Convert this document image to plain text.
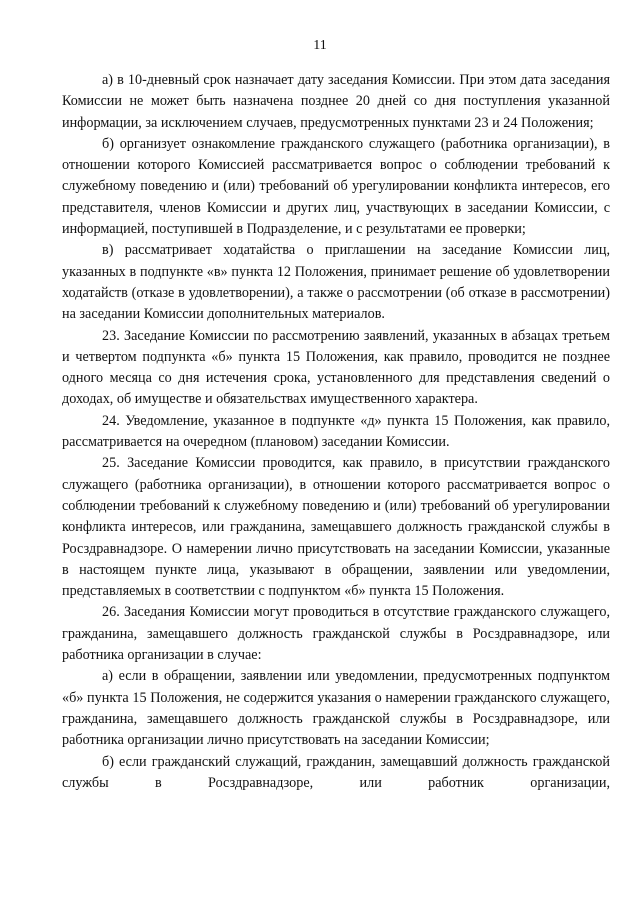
11

а) в 10-дневный срок назначает дату заседания Комиссии. При этом дата заседания Комиссии не может быть назначена позднее 20 дней со дня поступления указанной информации, за исключением случаев, предусмотренных пунктами 23 и 24 Положения;

б) организует ознакомление гражданского служащего (работника организации), в отношении которого Комиссией рассматривается вопрос о соблюдении требований к служебному поведению и (или) требований об урегулировании конфликта интересов, его представителя, членов Комиссии и других лиц, участвующих в заседании Комиссии, с информацией, поступившей в Подразделение, и с результатами ее проверки;

в) рассматривает ходатайства о приглашении на заседание Комиссии лиц, указанных в подпункте «в» пункта 12 Положения, принимает решение об удовлетворении ходатайств (отказе в удовлетворении), а также о рассмотрении (об отказе в рассмотрении) на заседании Комиссии дополнительных материалов.

23. Заседание Комиссии по рассмотрению заявлений, указанных в абзацах третьем и четвертом подпункта «б» пункта 15 Положения, как правило, проводится не позднее одного месяца со дня истечения срока, установленного для представления сведений о доходах, об имуществе и обязательствах имущественного характера.

24. Уведомление, указанное в подпункте «д» пункта 15 Положения, как правило, рассматривается на очередном (плановом) заседании Комиссии.

25. Заседание Комиссии проводится, как правило, в присутствии гражданского служащего (работника организации), в отношении которого рассматривается вопрос о соблюдении требований к служебному поведению и (или) требований об урегулировании конфликта интересов, или гражданина, замещавшего должность гражданской службы в Росздравнадзоре. О намерении лично присутствовать на заседании Комиссии, указанные в настоящем пункте лица, указывают в обращении, заявлении или уведомлении, представляемых в соответствии с подпунктом «б» пункта 15 Положения.

26. Заседания Комиссии могут проводиться в отсутствие гражданского служащего, гражданина, замещавшего должность гражданской службы в Росздравнадзоре, или работника организации в случае:

а) если в обращении, заявлении или уведомлении, предусмотренных подпунктом «б» пункта 15 Положения, не содержится указания о намерении гражданского служащего, гражданина, замещавшего должность гражданской службы в Росздравнадзоре, или работника организации лично присутствовать на заседании Комиссии;

б) если гражданский служащий, гражданин, замещавший должность гражданской службы в Росздравнадзоре, или работник организации,
